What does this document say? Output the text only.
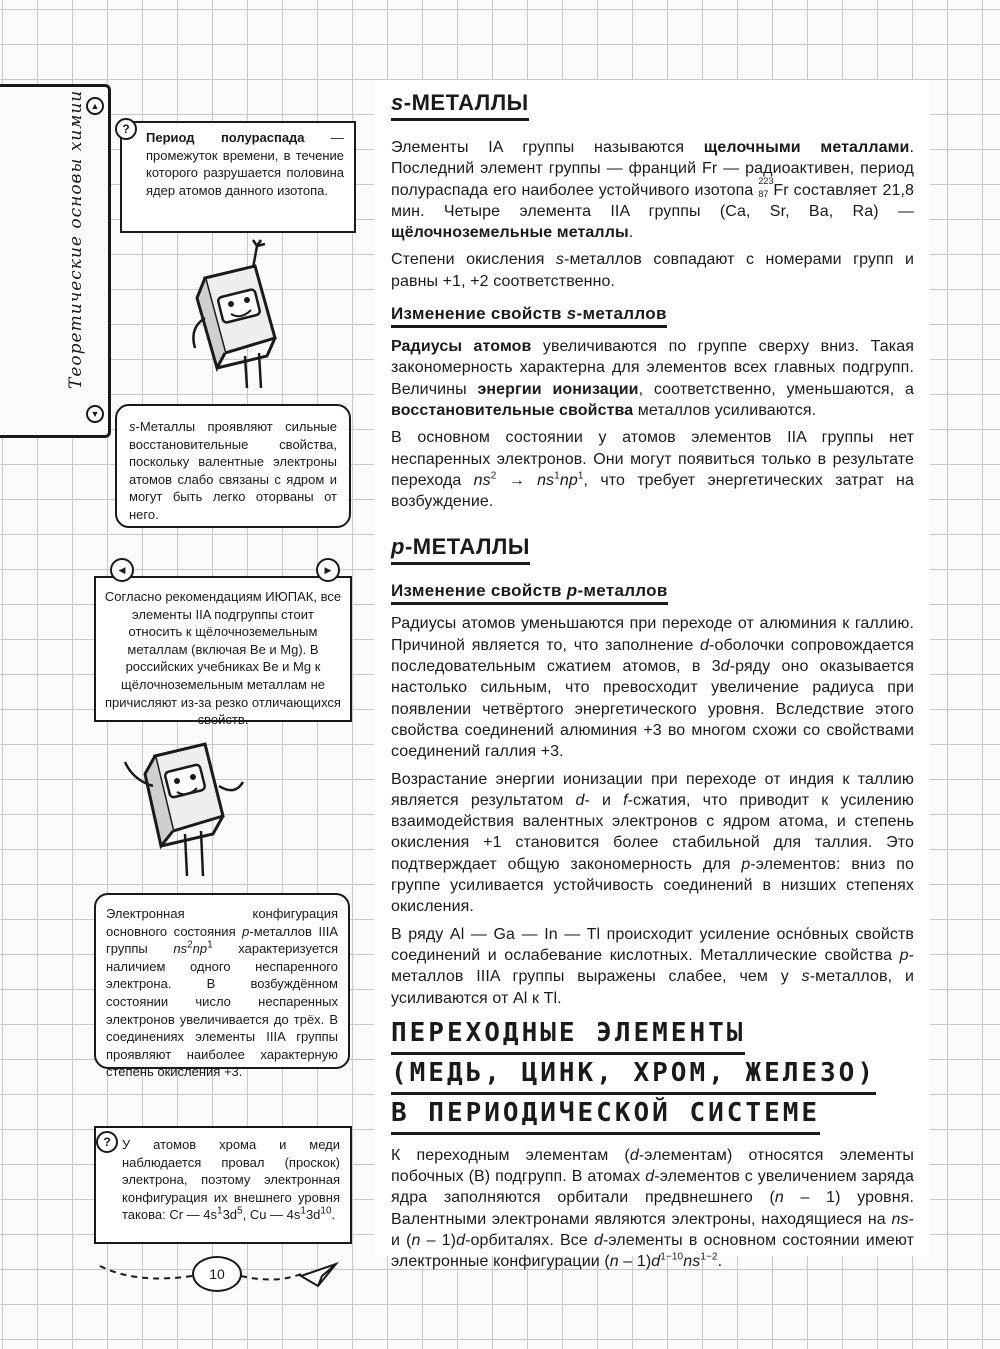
▲
Теоретические основы химии
▼

Период полураспада — промежуток времени, в течение которого разрушается половина ядер атомов данного изотопа.

?

s-Металлы проявляют сильные восстановительные свойства, поскольку валентные электроны атомов слабо связаны с ядром и могут быть легко оторваны от него.

Согласно рекомендациям ИЮПАК, все элементы IIA подгруппы стоит относить к щёлочноземельным металлам (включая Be и Mg). В российских учебниках Be и Mg к щёлочноземельным металлам не причисляют из-за резко отличающихся свойств.

◀	▶

Электронная конфигурация основного состояния p-металлов IIIA группы $ns^2np^1$ характеризуется наличием одного неспаренного электрона. В возбуждённом состоянии число неспаренных электронов увеличивается до трёх. В соединениях элементы IIIA группы проявляют наиболее характерную степень окисления +3.

У атомов хрома и меди наблюдается провал (проскок) электрона, поэтому электронная конфигурация их внешнего уровня такова: Cr — $4s^13d^5$, Cu — $4s^13d^{10}$.

?
10
s-МЕТАЛЛЫ

Элементы IA группы называются щелочными металлами. Последний элемент группы — франций Fr — радиоактивен, период полураспада его наиболее устойчивого изотопа
223
87 Fr составляет 21,8 мин. Четыре элемента IIA группы (Ca, Sr, Ba, Ra) — щёлочноземельные металлы.

Степени окисления s-металлов совпадают с номерами групп и равны +1, +2 соответственно.

Изменение свойств s-металлов

Радиусы атомов увеличиваются по группе сверху вниз. Такая закономерность характерна для элементов всех главных подгрупп. Величины энергии ионизации, соответственно, уменьшаются, а восстановительные свойства металлов усиливаются.

В основном состоянии у атомов элементов IIA группы нет неспаренных электронов. Они могут появиться только в результате перехода $ns^2 \to ns^1np^1$, что требует энергетических затрат на возбуждение.

p-МЕТАЛЛЫ
Изменение свойств p-металлов

Радиусы атомов уменьшаются при переходе от алюминия к галлию. Причиной является то, что заполнение d-оболочки сопровождается последовательным сжатием атомов, в 3d-ряду оно оказывается настолько сильным, что превосходит увеличение радиуса при появлении четвёртого энергетического уровня. Вследствие этого свойства соединений алюминия +3 во многом схожи со свойствами соединений галлия +3.

Возрастание энергии ионизации при переходе от индия к таллию является результатом d- и f-сжатия, что приводит к усилению взаимодействия валентных электронов с ядром атома, и степень окисления +1 становится более стабильной для таллия. Это подтверждает общую закономерность для p-элементов: вниз по группе усиливается устойчивость соединений в низших степенях окисления.

В ряду Al — Ga — In — Tl происходит усиление осно́вных свойств соединений и ослабевание кислотных. Металлические свойства p-металлов IIIA группы выражены слабее, чем у s-металлов, и усиливаются от Al к Tl.

ПЕРЕХОДНЫЕ ЭЛЕМЕНТЫ
(МЕДЬ, ЦИНК, ХРОМ, ЖЕЛЕЗО)
В ПЕРИОДИЧЕСКОЙ СИСТЕМЕ

К переходным элементам (d-элементам) относятся элементы побочных (B) подгрупп. В атомах d-элементов с увеличением заряда ядра заполняются орбитали предвнешнего (n – 1) уровня. Валентными электронами являются электроны, находящиеся на ns- и (n – 1)d-орбиталях. Все d-элементы в основном состоянии имеют электронные конфигурации $(n - 1)d^{1-10}ns^{1-2}$.
